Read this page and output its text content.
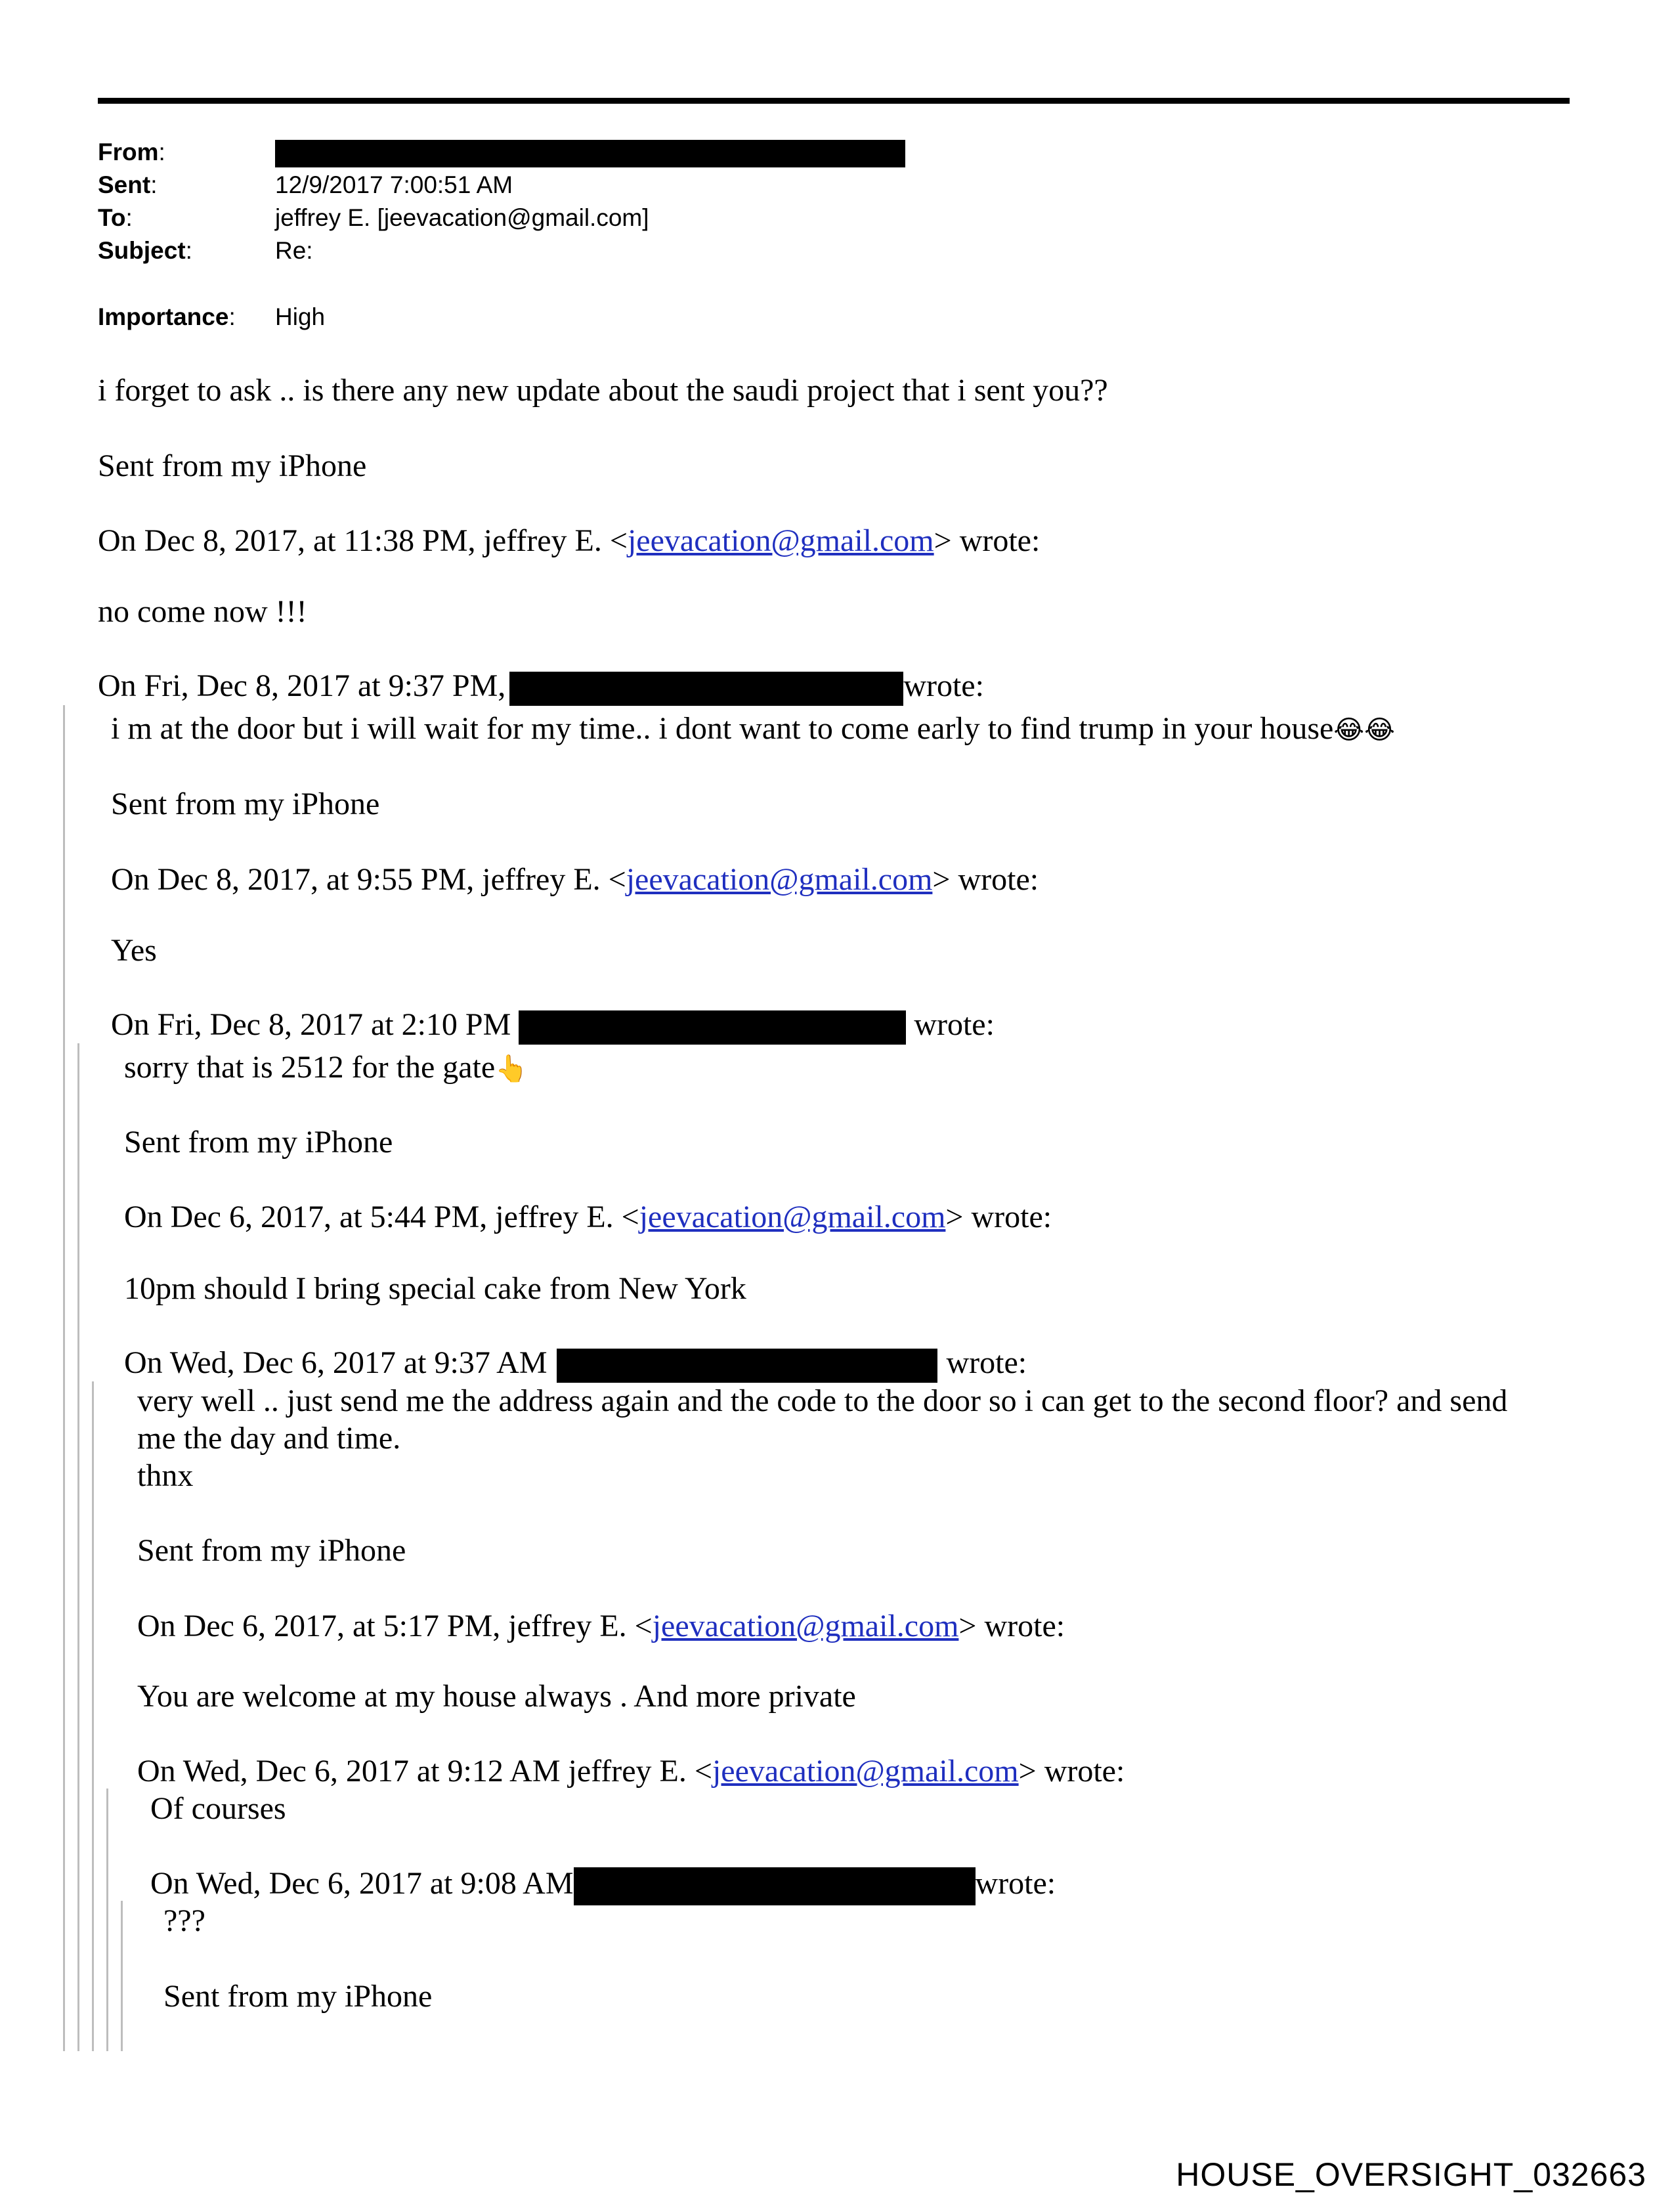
From:
Sent:	12/9/2017 7:00:51 AM
To:	jeffrey E. [jeevacation@gmail.com]
Subject:	Re:
Importance:	High
i forget to ask .. is there any new update about the saudi project that i sent you??
Sent from my iPhone
On Dec 8, 2017, at 11:38 PM, jeffrey E. <jeevacation@gmail.com> wrote:
no come now !!!
On Fri, Dec 8, 2017 at 9:37 PM,	wrote:
i m at the door but i will wait for my time.. i dont want to come early to find trump in your house😂😂
Sent from my iPhone
On Dec 8, 2017, at 9:55 PM, jeffrey E. <jeevacation@gmail.com> wrote:
Yes
On Fri, Dec 8, 2017 at 2:10 PM	wrote:
sorry that is 2512 for the gate👆
Sent from my iPhone
On Dec 6, 2017, at 5:44 PM, jeffrey E. <jeevacation@gmail.com> wrote:
10pm should I bring special cake from New York
On Wed, Dec 6, 2017 at 9:37 AM	wrote:
very well .. just send me the address again and the code to the door so i can get to the second floor? and send
me the day and time.
thnx
Sent from my iPhone
On Dec 6, 2017, at 5:17 PM, jeffrey E. <jeevacation@gmail.com> wrote:
You are welcome at my house always . And more private
On Wed, Dec 6, 2017 at 9:12 AM jeffrey E. <jeevacation@gmail.com> wrote:
Of courses
On Wed, Dec 6, 2017 at 9:08 AM	wrote:
???
Sent from my iPhone
HOUSE_OVERSIGHT_032663
